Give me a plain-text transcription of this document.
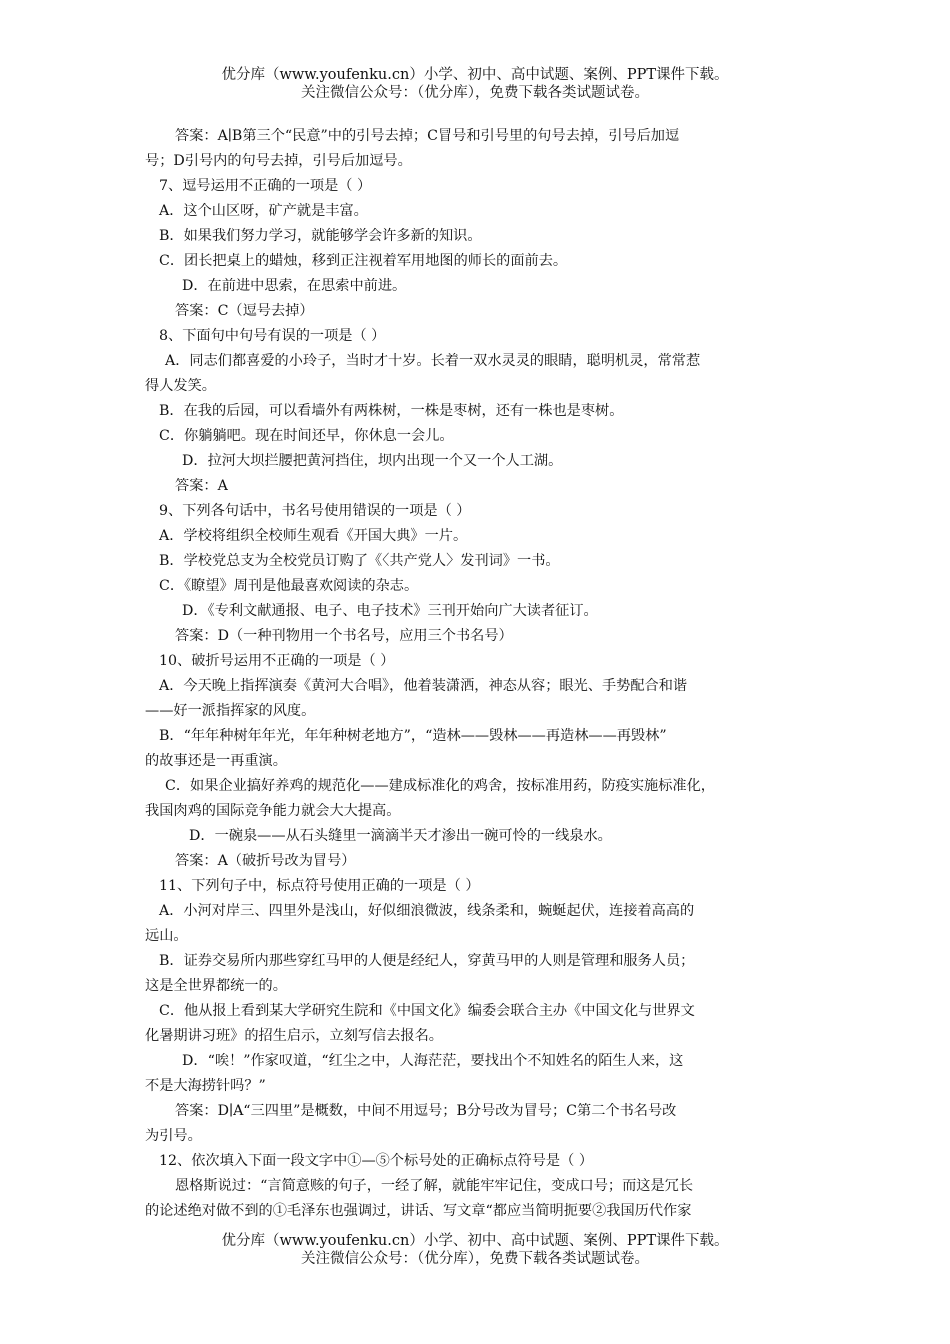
优分库（www.youfenku.cn）小学、初中、高中试题、案例、PPT课件下载。
关注微信公众号：（优分库），免费下载各类试题试卷。
答案：A∣B第三个“民意”中的引号去掉；C冒号和引号里的句号去掉，引号后加逗
号；D引号内的句号去掉，引号后加逗号。
7、逗号运用不正确的一项是（ ）
A．这个山区呀，矿产就是丰富。
B．如果我们努力学习，就能够学会许多新的知识。
C．团长把桌上的蜡烛，移到正注视着军用地图的师长的面前去。
D．在前进中思索，在思索中前进。
答案：C（逗号去掉）
8、下面句中句号有误的一项是（ ）
A．同志们都喜爱的小玲子，当时才十岁。长着一双水灵灵的眼睛，聪明机灵，常常惹
得人发笑。
B．在我的后园，可以看墙外有两株树，一株是枣树，还有一株也是枣树。
C．你躺躺吧。现在时间还早，你休息一会儿。
D．拉河大坝拦腰把黄河挡住，坝内出现一个又一个人工湖。
答案：A
9、下列各句话中，书名号使用错误的一项是（ ）
A．学校将组织全校师生观看《开国大典》一片。
B．学校党总支为全校党员订购了《〈共产党人〉发刊词》一书。
C．《瞭望》周刊是他最喜欢阅读的杂志。
D．《专利文献通报、电子、电子技术》三刊开始向广大读者征订。
答案：D（一种刊物用一个书名号，应用三个书名号）
10、破折号运用不正确的一项是（ ）
A．今天晚上指挥演奏《黄河大合唱》，他着装潇洒，神态从容；眼光、手势配合和谐
——好一派指挥家的风度。
B．“年年种树年年光，年年种树老地方”，“造林——毁林——再造林——再毁林”
的故事还是一再重演。
C．如果企业搞好养鸡的规范化——建成标准化的鸡舍，按标准用药，防疫实施标准化，
我国肉鸡的国际竞争能力就会大大提高。
D．一碗泉——从石头缝里一滴滴半天才渗出一碗可怜的一线泉水。
答案：A（破折号改为冒号）
11、下列句子中，标点符号使用正确的一项是（ ）
A．小河对岸三、四里外是浅山，好似细浪微波，线条柔和，蜿蜒起伏，连接着高高的
远山。
B．证券交易所内那些穿红马甲的人便是经纪人，穿黄马甲的人则是管理和服务人员；
这是全世界都统一的。
C．他从报上看到某大学研究生院和《中国文化》编委会联合主办《中国文化与世界文
化暑期讲习班》的招生启示，立刻写信去报名。
D．“唉！”作家叹道，“红尘之中，人海茫茫，要找出个不知姓名的陌生人来，这
不是大海捞针吗？”
答案：D∣A“三四里”是概数，中间不用逗号；B分号改为冒号；C第二个书名号改
为引号。
12、依次填入下面一段文字中①—⑤个标号处的正确标点符号是（ ）
恩格斯说过：“言简意赅的句子，一经了解，就能牢牢记住，变成口号；而这是冗长
的论述绝对做不到的①毛泽东也强调过，讲话、写文章“都应当简明扼要②我国历代作家
优分库（www.youfenku.cn）小学、初中、高中试题、案例、PPT课件下载。
关注微信公众号：（优分库），免费下载各类试题试卷。
